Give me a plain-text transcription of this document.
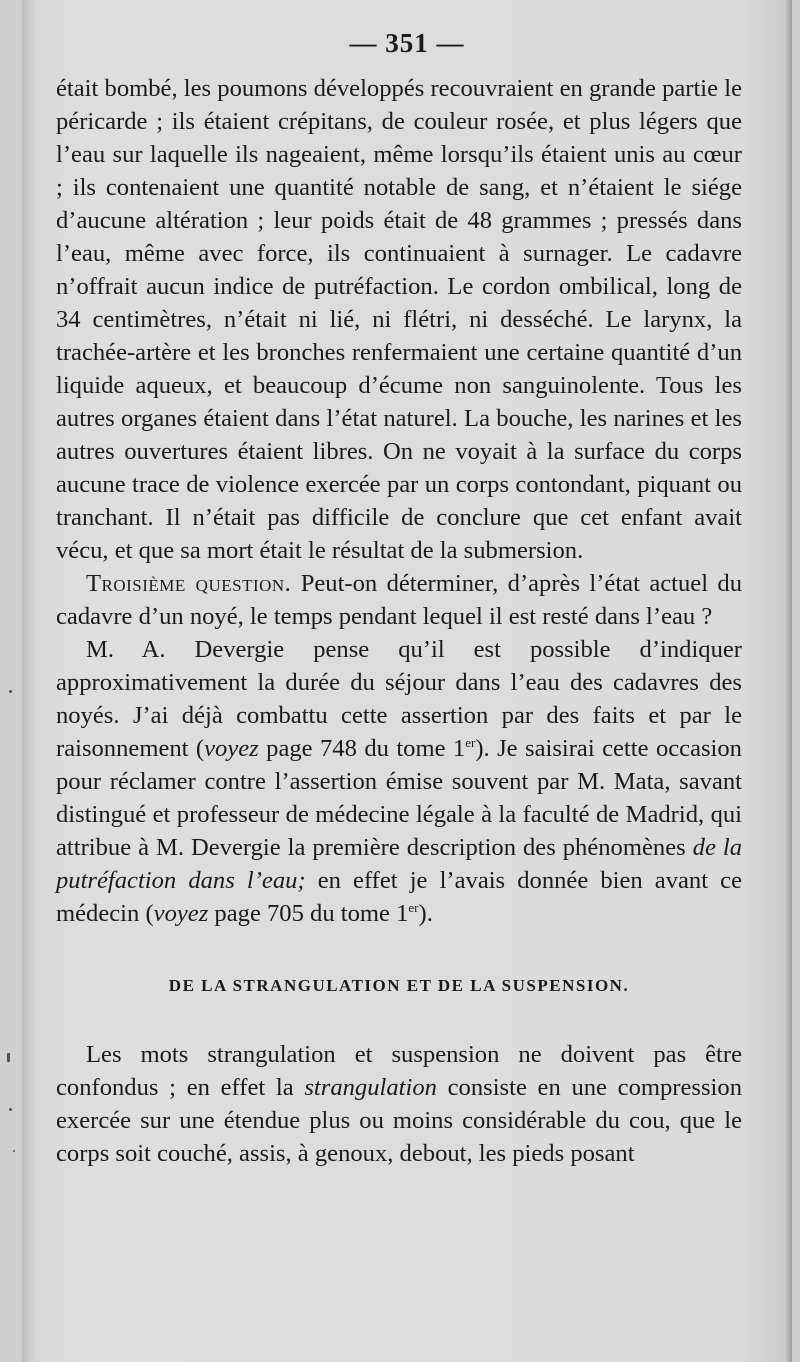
— 351 —

était bombé, les poumons développés recouvraient en grande partie le péricarde ; ils étaient crépitans, de couleur rosée, et plus légers que l’eau sur laquelle ils nageaient, même lorsqu’ils étaient unis au cœur ; ils contenaient une quantité notable de sang, et n’étaient le siége d’aucune altération ; leur poids était de 48 grammes ; pressés dans l’eau, même avec force, ils continuaient à surnager. Le cadavre n’offrait aucun indice de putréfaction. Le cordon ombilical, long de 34 centimètres, n’était ni lié, ni flétri, ni desséché. Le larynx, la trachée-artère et les bronches renfermaient une certaine quantité d’un liquide aqueux, et beaucoup d’écume non sanguinolente. Tous les autres organes étaient dans l’état naturel. La bouche, les narines et les autres ouvertures étaient libres. On ne voyait à la surface du corps aucune trace de violence exercée par un corps contondant, piquant ou tranchant. Il n’était pas difficile de conclure que cet enfant avait vécu, et que sa mort était le résultat de la submersion.

Troisième question. Peut-on déterminer, d’après l’état actuel du cadavre d’un noyé, le temps pendant lequel il est resté dans l’eau ?

M. A. Devergie pense qu’il est possible d’indiquer approximativement la durée du séjour dans l’eau des cadavres des noyés. J’ai déjà combattu cette assertion par des faits et par le raisonnement (voyez page 748 du tome 1er). Je saisirai cette occasion pour réclamer contre l’assertion émise souvent par M. Mata, savant distingué et professeur de médecine légale à la faculté de Madrid, qui attribue à M. Devergie la première description des phénomènes de la putréfaction dans l’eau; en effet je l’avais donnée bien avant ce médecin (voyez page 705 du tome 1er).

DE LA STRANGULATION ET DE LA SUSPENSION.

Les mots strangulation et suspension ne doivent pas être confondus ; en effet la strangulation consiste en une compression exercée sur une étendue plus ou moins considérable du cou, que le corps soit couché, assis, à genoux, debout, les pieds posant
